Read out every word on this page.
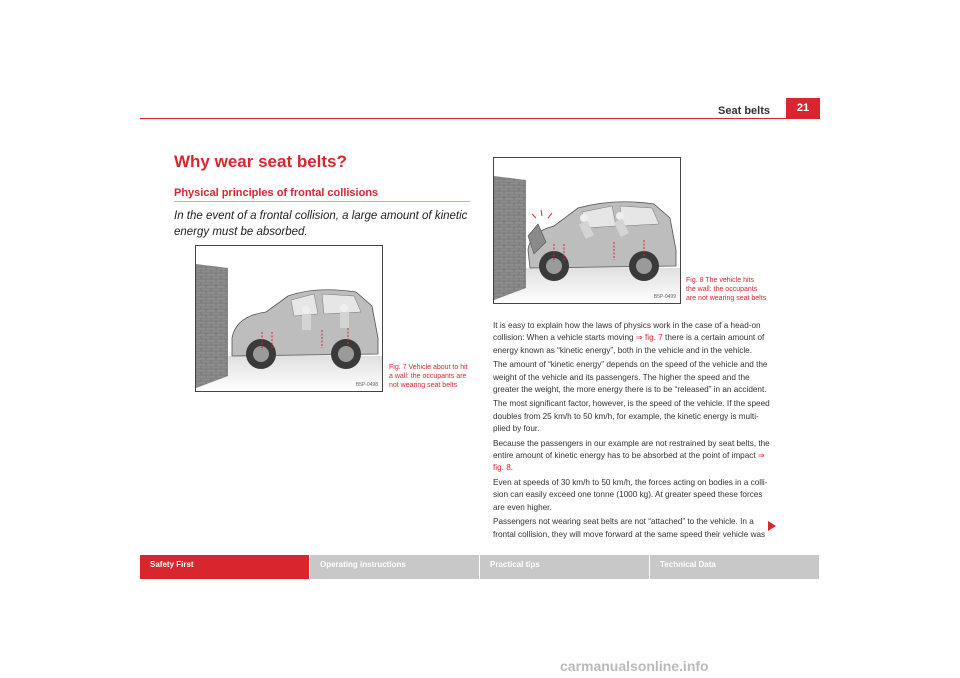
Seat belts	21
Why wear seat belts?
Physical principles of frontal collisions
In the event of a frontal collision, a large amount of kinetic energy must be absorbed.
B5P-0498
Fig. 7 Vehicle about to hit
a wall: the occupants are
not wearing seat belts
B5P-0499
Fig. 8 The vehicle hits
the wall: the occupants
are not wearing seat belts

It is easy to explain how the laws of physics work in the case of a head-on collision: When a vehicle starts moving ⇒ fig. 7 there is a certain amount of energy known as “kinetic energy”, both in the vehicle and in the vehicle.

The amount of “kinetic energy” depends on the speed of the vehicle and the weight of the vehicle and its passengers. The higher the speed and the greater the weight, the more energy there is to be “released” in an accident.

The most significant factor, however, is the speed of the vehicle. If the speed doubles from 25 km/h to 50 km/h, for example, the kinetic energy is multi-plied by four.

Because the passengers in our example are not restrained by seat belts, the entire amount of kinetic energy has to be absorbed at the point of impact ⇒ fig. 8.

Even at speeds of 30 km/h to 50 km/h, the forces acting on bodies in a colli-sion can easily exceed one tonne (1000 kg). At greater speed these forces are even higher.

Passengers not wearing seat belts are not “attached” to the vehicle. In a frontal collision, they will move forward at the same speed their vehicle was

Safety First	Operating instructions	Practical tips	Technical Data
carmanualsonline.info
